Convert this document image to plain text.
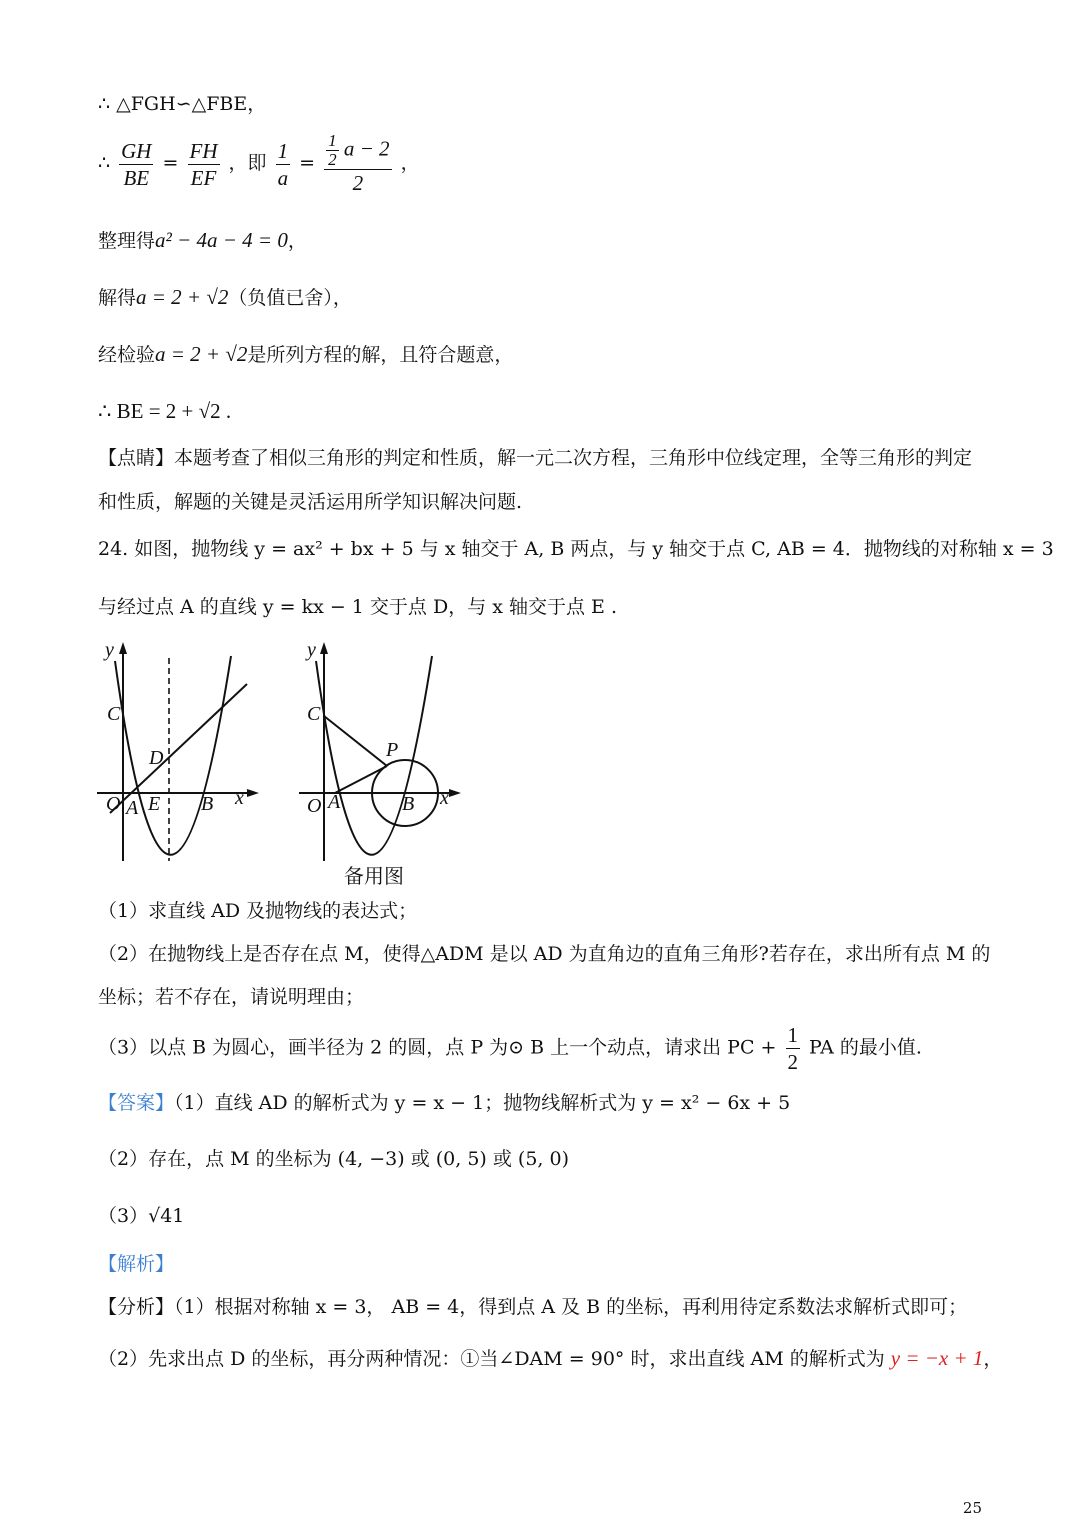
∴ △FGH∽△FBE，
∴ $\frac{GH}{BE} = \frac{FH}{EF}$ ，即 $\frac{1}{a} = \frac{\frac{1}{2} a - 2}{2}$ ，
整理得a² − 4a − 4 = 0，
解得a = 2 + √2（负值已舍），
经检验a = 2 + √2是所列方程的解，且符合题意，
∴ BE = 2 + √2 .
【点睛】本题考查了相似三角形的判定和性质，解一元二次方程，三角形中位线定理，全等三角形的判定
和性质，解题的关键是灵活运用所学知识解决问题.
24. 如图，抛物线 y = ax² + bx + 5 与 x 轴交于 A, B 两点，与 y 轴交于点 C, AB = 4．抛物线的对称轴 x = 3
与经过点 A 的直线 y = kx − 1 交于点 D，与 x 轴交于点 E .
y
C
D
O A E B x
y
C
P
O A	B x
备用图
（1）求直线 AD 及抛物线的表达式；
（2）在抛物线上是否存在点 M，使得△ADM 是以 AD 为直角边的直角三角形?若存在，求出所有点 M 的
坐标；若不存在，请说明理由；
（3）以点 B 为圆心，画半径为 2 的圆，点 P 为⊙ B 上一个动点，请求出 PC + $\frac{1}{2}$ PA 的最小值.
【答案】（1）直线 AD 的解析式为 y = x − 1；抛物线解析式为 y = x² − 6x + 5
（2）存在，点 M 的坐标为 (4, −3) 或 (0, 5) 或 (5, 0)
（3）√41
【解析】
【分析】（1）根据对称轴 x = 3， AB = 4，得到点 A 及 B 的坐标，再利用待定系数法求解析式即可；
（2）先求出点 D 的坐标，再分两种情况：①当∠DAM = 90° 时，求出直线 AM 的解析式为 y = −x + 1，
25
